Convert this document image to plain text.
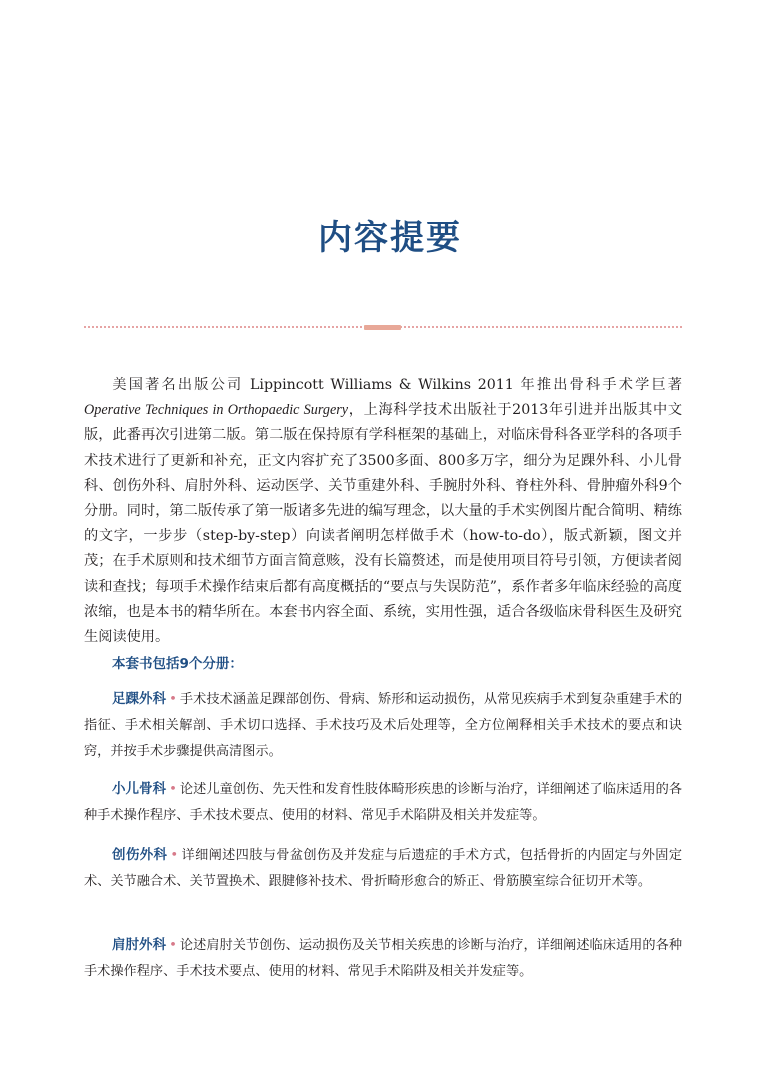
内容提要

美国著名出版公司 Lippincott Williams & Wilkins 2011 年推出骨科手术学巨著 Operative Techniques in Orthopaedic Surgery，上海科学技术出版社于2013年引进并出版其中文版，此番再次引进第二版。第二版在保持原有学科框架的基础上，对临床骨科各亚学科的各项手术技术进行了更新和补充，正文内容扩充了3500多面、800多万字，细分为足踝外科、小儿骨科、创伤外科、肩肘外科、运动医学、关节重建外科、手腕肘外科、脊柱外科、骨肿瘤外科9个分册。同时，第二版传承了第一版诸多先进的编写理念，以大量的手术实例图片配合简明、精练的文字，一步步（step-by-step）向读者阐明怎样做手术（how-to-do），版式新颖，图文并茂；在手术原则和技术细节方面言简意赅，没有长篇赘述，而是使用项目符号引领，方便读者阅读和查找；每项手术操作结束后都有高度概括的“要点与失误防范”，系作者多年临床经验的高度浓缩，也是本书的精华所在。本套书内容全面、系统，实用性强，适合各级临床骨科医生及研究生阅读使用。

本套书包括9个分册：

足踝外科 • 手术技术涵盖足踝部创伤、骨病、矫形和运动损伤，从常见疾病手术到复杂重建手术的指征、手术相关解剖、手术切口选择、手术技巧及术后处理等，全方位阐释相关手术技术的要点和诀窍，并按手术步骤提供高清图示。

小儿骨科 • 论述儿童创伤、先天性和发育性肢体畸形疾患的诊断与治疗，详细阐述了临床适用的各种手术操作程序、手术技术要点、使用的材料、常见手术陷阱及相关并发症等。

创伤外科 • 详细阐述四肢与骨盆创伤及并发症与后遗症的手术方式，包括骨折的内固定与外固定术、关节融合术、关节置换术、跟腱修补技术、骨折畸形愈合的矫正、骨筋膜室综合征切开术等。

肩肘外科 • 论述肩肘关节创伤、运动损伤及关节相关疾患的诊断与治疗，详细阐述临床适用的各种手术操作程序、手术技术要点、使用的材料、常见手术陷阱及相关并发症等。
